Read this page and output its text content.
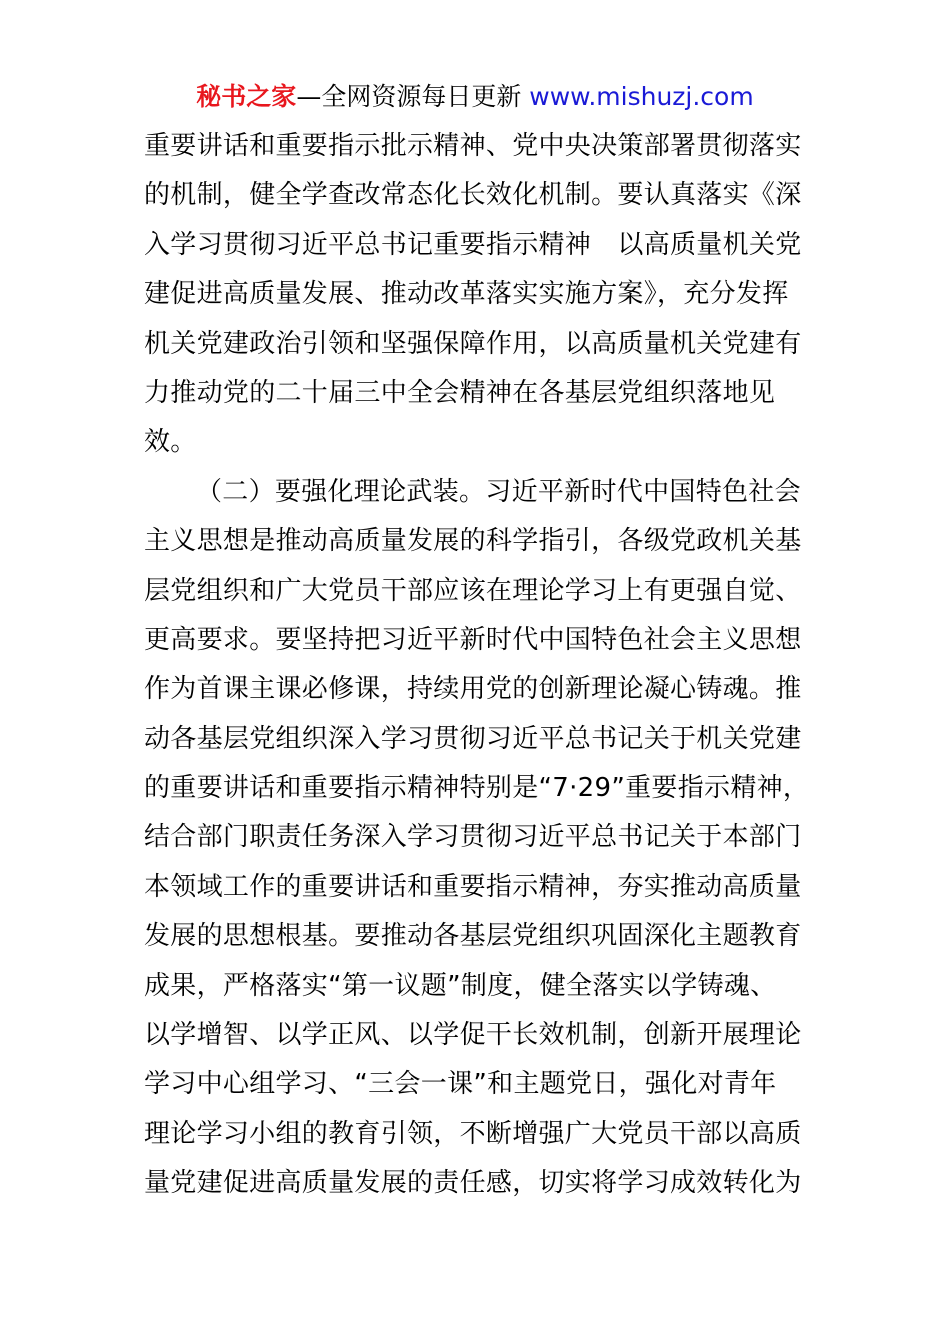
秘书之家—全网资源每日更新 www.mishuzj.com
重要讲话和重要指示批示精神、党中央决策部署贯彻落实
的机制，健全学查改常态化长效化机制。要认真落实《深
入学习贯彻习近平总书记重要指示精神　以高质量机关党
建促进高质量发展、推动改革落实实施方案》，充分发挥
机关党建政治引领和坚强保障作用，以高质量机关党建有
力推动党的二十届三中全会精神在各基层党组织落地见
效。
（二）要强化理论武装。习近平新时代中国特色社会
主义思想是推动高质量发展的科学指引，各级党政机关基
层党组织和广大党员干部应该在理论学习上有更强自觉、
更高要求。要坚持把习近平新时代中国特色社会主义思想
作为首课主课必修课，持续用党的创新理论凝心铸魂。推
动各基层党组织深入学习贯彻习近平总书记关于机关党建
的重要讲话和重要指示精神特别是“7·29”重要指示精神，
结合部门职责任务深入学习贯彻习近平总书记关于本部门
本领域工作的重要讲话和重要指示精神，夯实推动高质量
发展的思想根基。要推动各基层党组织巩固深化主题教育
成果，严格落实“第一议题”制度，健全落实以学铸魂、
以学增智、以学正风、以学促干长效机制，创新开展理论
学习中心组学习、“三会一课”和主题党日，强化对青年
理论学习小组的教育引领，不断增强广大党员干部以高质
量党建促进高质量发展的责任感，切实将学习成效转化为
